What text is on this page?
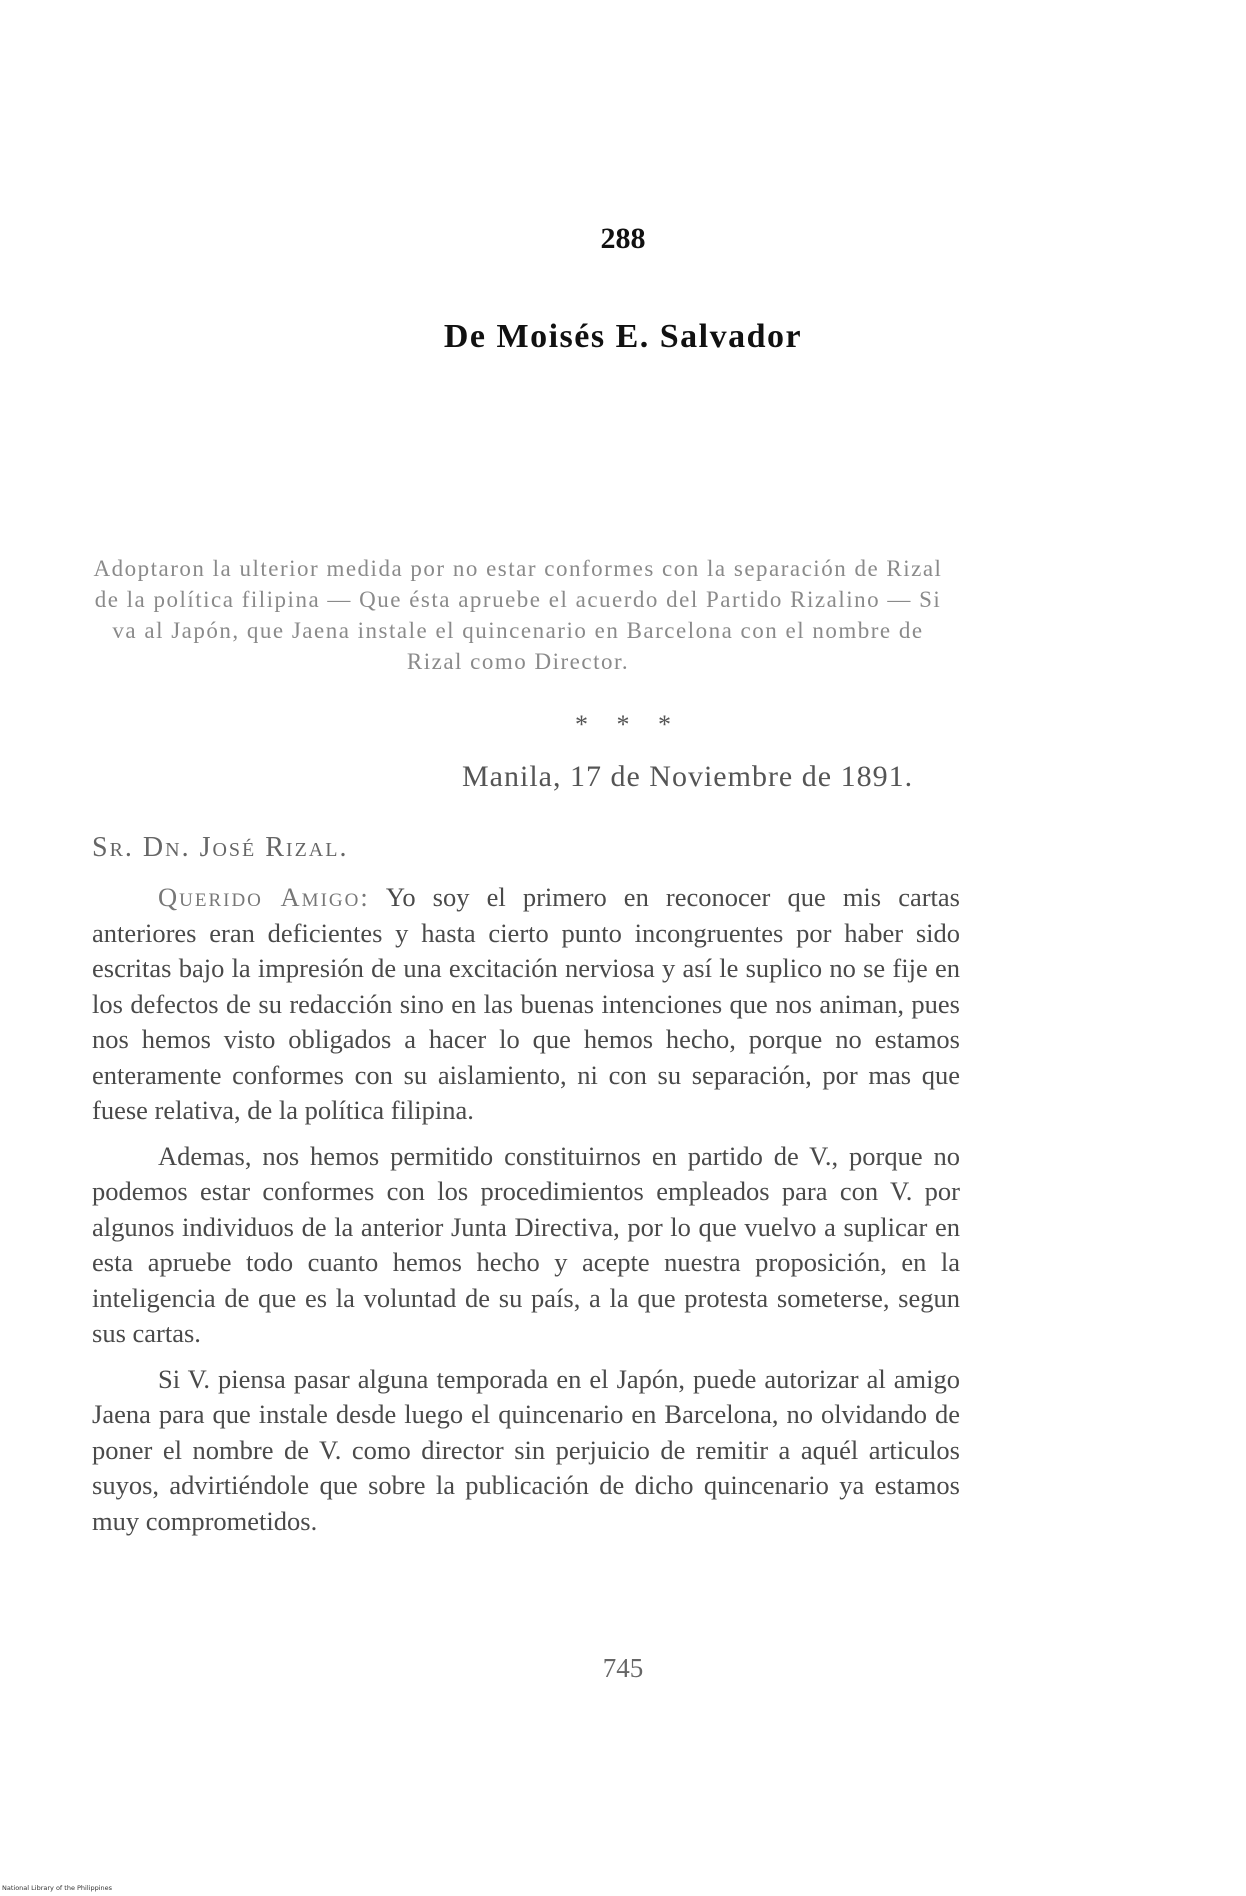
288
De Moisés E. Salvador
Adoptaron la ulterior medida por no estar conformes con la separación de Rizal de la política filipina — Que ésta apruebe el acuerdo del Partido Rizalino — Si va al Japón, que Jaena instale el quincenario en Barcelona con el nombre de Rizal como Director.
* * *
Manila, 17 de Noviembre de 1891.
Sr. Dn. José Rizal.

Querido Amigo: Yo soy el primero en reconocer que mis cartas anteriores eran deficientes y hasta cierto punto incongruentes por haber sido escritas bajo la impresión de una excitación nerviosa y así le suplico no se fije en los defectos de su redacción sino en las buenas intenciones que nos animan, pues nos hemos visto obligados a hacer lo que hemos hecho, porque no estamos enteramente conformes con su aislamiento, ni con su separación, por mas que fuese relativa, de la política filipina.

Ademas, nos hemos permitido constituirnos en partido de V., porque no podemos estar conformes con los procedimientos empleados para con V. por algunos individuos de la anterior Junta Directiva, por lo que vuelvo a suplicar en esta apruebe todo cuanto hemos hecho y acepte nuestra proposición, en la inteligencia de que es la voluntad de su país, a la que protesta someterse, segun sus cartas.

Si V. piensa pasar alguna temporada en el Japón, puede autorizar al amigo Jaena para que instale desde luego el quincenario en Barcelona, no olvidando de poner el nombre de V. como director sin perjuicio de remitir a aquél articulos suyos, advirtiéndole que sobre la publicación de dicho quincenario ya estamos muy comprometidos.

745
National Library of the Philippines
